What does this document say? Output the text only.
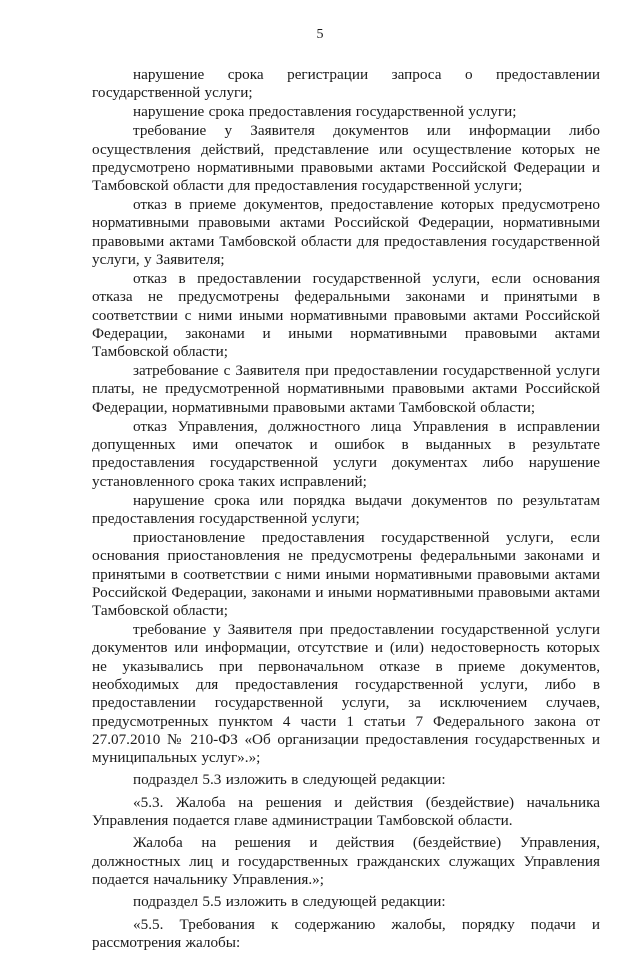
5

нарушение срока регистрации запроса о предоставлении государственной услуги;

нарушение срока предоставления государственной услуги;

требование у Заявителя документов или информации либо осуществления действий, представление или осуществление которых не предусмотрено нормативными правовыми актами Российской Федерации и Тамбовской области для предоставления государственной услуги;

отказ в приеме документов, предоставление которых предусмотрено нормативными правовыми актами Российской Федерации, нормативными правовыми актами Тамбовской области для предоставления государственной услуги, у Заявителя;

отказ в предоставлении государственной услуги, если основания отказа не предусмотрены федеральными законами и принятыми в соответствии с ними иными нормативными правовыми актами Российской Федерации, законами и иными нормативными правовыми актами Тамбовской области;

затребование с Заявителя при предоставлении государственной услуги платы, не предусмотренной нормативными правовыми актами Российской Федерации, нормативными правовыми актами Тамбовской области;

отказ Управления, должностного лица Управления в исправлении допущенных ими опечаток и ошибок в выданных в результате предоставления государственной услуги документах либо нарушение установленного срока таких исправлений;

нарушение срока или порядка выдачи документов по результатам предоставления государственной услуги;

приостановление предоставления государственной услуги, если основания приостановления не предусмотрены федеральными законами и принятыми в соответствии с ними иными нормативными правовыми актами Российской Федерации, законами и иными нормативными правовыми актами Тамбовской области;

требование у Заявителя при предоставлении государственной услуги документов или информации, отсутствие и (или) недостоверность которых не указывались при первоначальном отказе в приеме документов, необходимых для предоставления государственной услуги, либо в предоставлении государственной услуги, за исключением случаев, предусмотренных пунктом 4 части 1 статьи 7 Федерального закона от 27.07.2010 № 210-ФЗ «Об организации предоставления государственных и муниципальных услуг».»;

подраздел 5.3 изложить в следующей редакции:

«5.3. Жалоба на решения и действия (бездействие) начальника Управления подается главе администрации Тамбовской области.

Жалоба на решения и действия (бездействие) Управления, должностных лиц и государственных гражданских служащих Управления подается начальнику Управления.»;

подраздел 5.5 изложить в следующей редакции:

«5.5. Требования к содержанию жалобы, порядку подачи и рассмотрения жалобы:
